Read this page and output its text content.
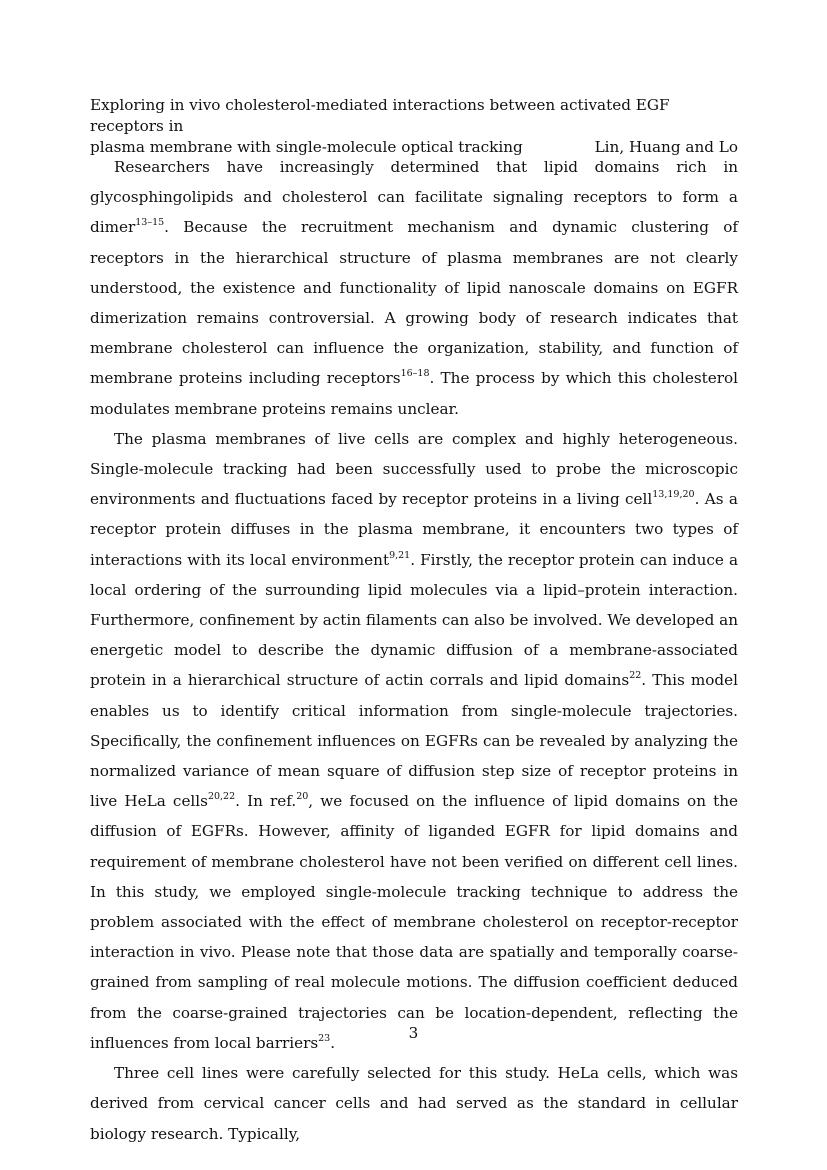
Exploring in vivo cholesterol-mediated interactions between activated EGF receptors in
plasma membrane with single-molecule optical tracking	Lin, Huang and Lo

Researchers have increasingly determined that lipid domains rich in glycosphingolipids and cholesterol can facilitate signaling receptors to form a dimer$^{13-15}$. Because the recruitment mechanism and dynamic clustering of receptors in the hierarchical structure of plasma membranes are not clearly understood, the existence and functionality of lipid nanoscale domains on EGFR dimerization remains controversial. A growing body of research indicates that membrane cholesterol can influence the organization, stability, and function of membrane proteins including receptors$^{16-18}$. The process by which this cholesterol modulates membrane proteins remains unclear.

The plasma membranes of live cells are complex and highly heterogeneous. Single-molecule tracking had been successfully used to probe the microscopic environments and fluctuations faced by receptor proteins in a living cell$^{13,19,20}$. As a receptor protein diffuses in the plasma membrane, it encounters two types of interactions with its local environment$^{9,21}$. Firstly, the receptor protein can induce a local ordering of the surrounding lipid molecules via a lipid–protein interaction. Furthermore, confinement by actin filaments can also be involved. We developed an energetic model to describe the dynamic diffusion of a membrane-associated protein in a hierarchical structure of actin corrals and lipid domains$^{22}$. This model enables us to identify critical information from single-molecule trajectories. Specifically, the confinement influences on EGFRs can be revealed by analyzing the normalized variance of mean square of diffusion step size of receptor proteins in live HeLa cells$^{20,22}$. In ref.$^{20}$, we focused on the influence of lipid domains on the diffusion of EGFRs. However, affinity of liganded EGFR for lipid domains and requirement of membrane cholesterol have not been verified on different cell lines. In this study, we employed single-molecule tracking technique to address the problem associated with the effect of membrane cholesterol on receptor-receptor interaction in vivo. Please note that those data are spatially and temporally coarse-grained from sampling of real molecule motions. The diffusion coefficient deduced from the coarse-grained trajectories can be location-dependent, reflecting the influences from local barriers$^{23}$.

Three cell lines were carefully selected for this study. HeLa cells, which was derived from cervical cancer cells and had served as the standard in cellular biology research. Typically,

3
